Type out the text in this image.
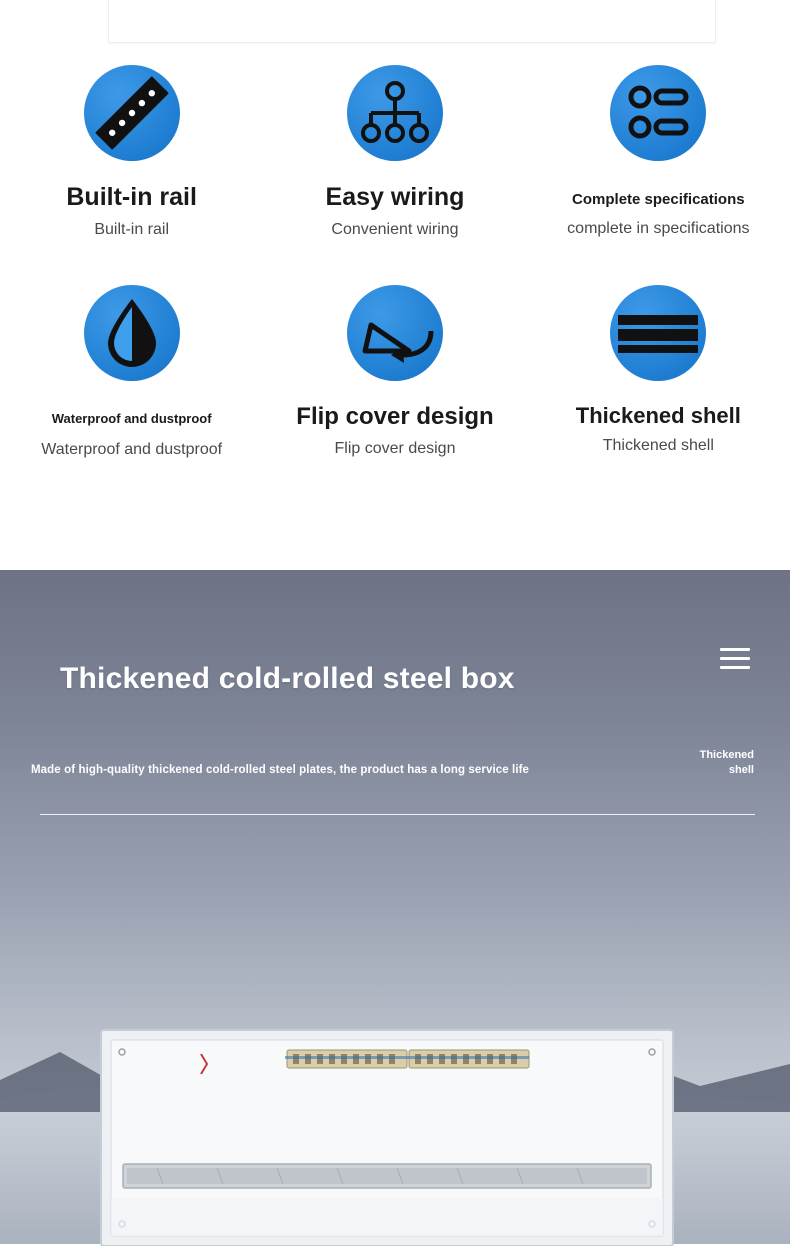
Built-in rail
Built-in rail
Easy wiring
Convenient wiring
Complete specifications
complete in specifications
Waterproof and dustproof
Waterproof and dustproof
Flip cover design
Flip cover design
Thickened shell
Thickened shell
Thickened cold-rolled steel box
Made of high-quality thickened cold-rolled steel plates, the product has a long service life
Thickened shell
